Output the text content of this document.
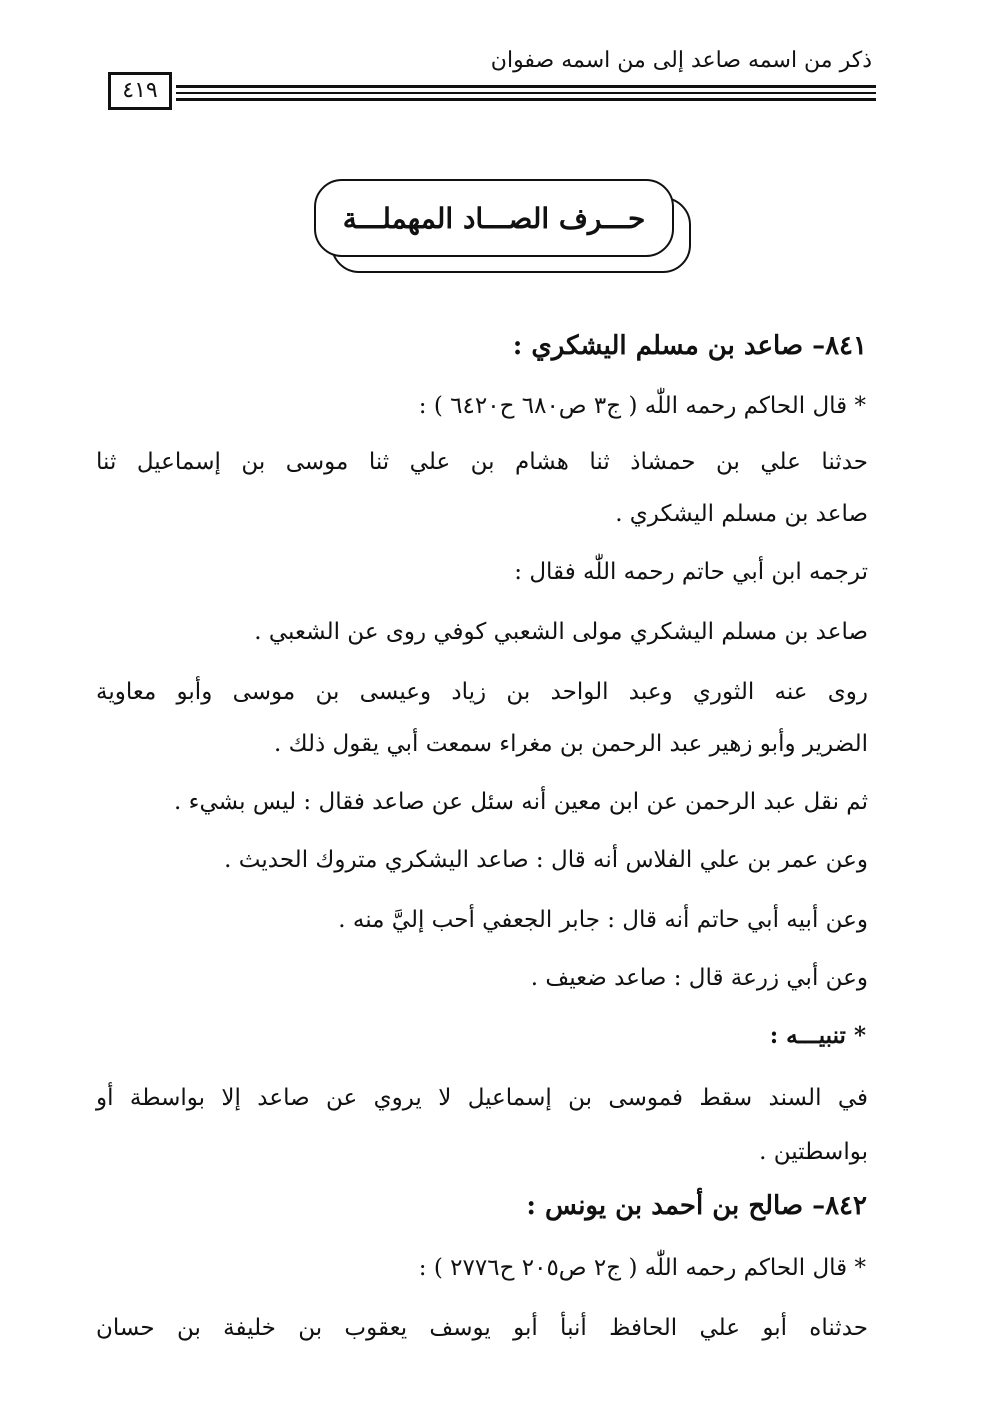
ذكر من اسمه صاعد إلى من اسمه صفوان
٤١٩
حـــرف الصـــاد المهملـــة
٨٤١– صاعد بن مسلم اليشكري :
* قال الحاكم رحمه اللّٰه ( ج٣ ص٦٨٠ ح٦٤٢٠ ) :
حدثنا علي بن حمشاذ ثنا هشام بن علي ثنا موسى بن إسماعيل ثنا
صاعد بن مسلم اليشكري .
ترجمه ابن أبي حاتم رحمه اللّٰه فقال :
صاعد بن مسلم اليشكري مولى الشعبي كوفي روى عن الشعبي .
روى عنه الثوري وعبد الواحد بن زياد وعيسى بن موسى وأبو معاوية
الضرير وأبو زهير عبد الرحمن بن مغراء سمعت أبي يقول ذلك .
ثم نقل عبد الرحمن عن ابن معين أنه سئل عن صاعد فقال : ليس بشيء .
وعن عمر بن علي الفلاس أنه قال : صاعد اليشكري متروك الحديث .
وعن أبيه أبي حاتم أنه قال : جابر الجعفي أحب إليَّ منه .
وعن أبي زرعة قال : صاعد ضعيف .
* تنبيـــه :
في السند سقط فموسى بن إسماعيل لا يروي عن صاعد إلا بواسطة أو
بواسطتين .
٨٤٢– صالح بن أحمد بن يونس :
* قال الحاكم رحمه اللّٰه ( ج٢ ص٢٠٥ ح٢٧٧٦ ) :
حدثناه أبو علي الحافظ أنبأ أبو يوسف يعقوب بن خليفة بن حسان
